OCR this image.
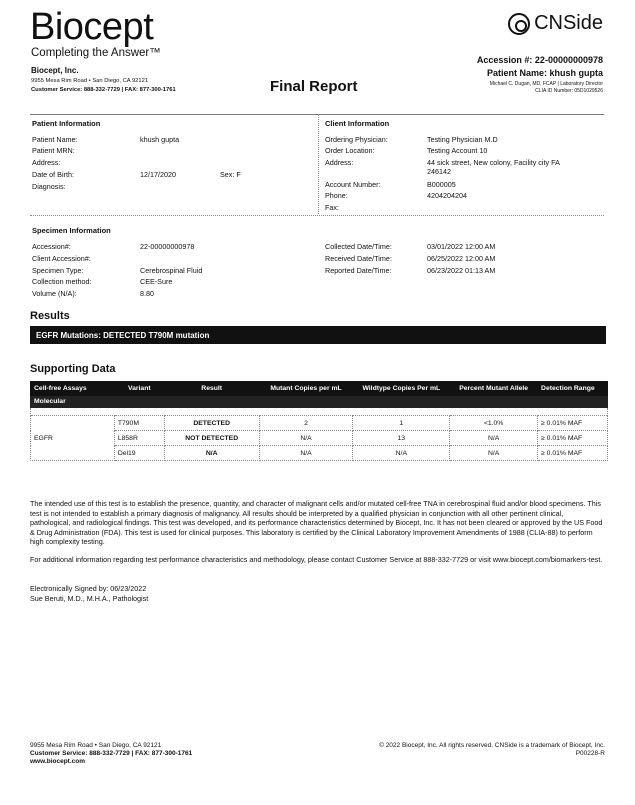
Biocept
Completing the Answer™
Biocept, Inc.
9955 Mesa Rim Road • San Diego, CA 92121
Customer Service: 888-332-7729 | FAX: 877-300-1761	Final Report
CNSide
Accession #: 22-00000000978
Patient Name: khush gupta
Michael C. Dugan, MD, FCAP | Laboratory Director
CLIA ID Number: 05D1029526
Patient Information
Patient Name:	khush gupta
Patient MRN:
Address:
Date of Birth:	12/17/2020	Sex: F
Diagnosis:
Client Information
Ordering Physician:	Testing Physician M.D
Order Location:	Testing Account 10
Address:	44 sick street, New colony, Facility city FA
246142
Account Number:	B000005
Phone:	4204204204
Fax:
Specimen Information
Accession#:	22-00000000978
Client Accession#:
Specimen Type:	Cerebrospinal Fluid
Collection method:	CEE-Sure
Volume (N/A):	8.80
Collected Date/Time:	03/01/2022 12:00 AM
Received Date/Time:	06/25/2022 12:00 AM
Reported Date/Time:	06/23/2022 01:13 AM
Results
EGFR Mutations: DETECTED T790M mutation
Supporting Data
Cell-free Assays	Variant	Result	Mutant Copies per mL	Wildtype Copies Per mL	Percent Mutant Allele	Detection Range
Molecular						

EGFR	T790M	DETECTED	2	1	<1.0%	≥ 0.01% MAF
	L858R	NOT DETECTED	N/A	13	N/A	≥ 0.01% MAF
	Del19	N/A	N/A	N/A	N/A	≥ 0.01% MAF
The intended use of this test is to establish the presence, quantity, and character of malignant cells and/or mutated cell-free TNA in cerebrospinal fluid and/or blood specimens. This test is not intended to establish a primary diagnosis of malignancy. All results should be interpreted by a qualified physician in conjunction with all other pertinent clinical, pathological, and radiological findings. This test was developed, and its performance characteristics determined by Biocept, Inc. It has not been cleared or approved by the US Food & Drug Administration (FDA). This test is used for clinical purposes. This laboratory is certified by the Clinical Laboratory Improvement Amendments of 1988 (CLIA-88) to perform high complexity testing.
For additional information regarding test performance characteristics and methodology, please contact Customer Service at 888-332-7729 or visit www.biocept.com/biomarkers-test.
Electronically Signed by: 06/23/2022
Sue Beruti, M.D., M.H.A., Pathologist
9955 Mesa Rim Road • San Diego, CA 92121
Customer Service: 888-332-7729 | FAX: 877-300-1761
www.biocept.com
© 2022 Biocept, Inc. All rights reserved. CNSide is a trademark of Biocept, Inc.
P00228-R
